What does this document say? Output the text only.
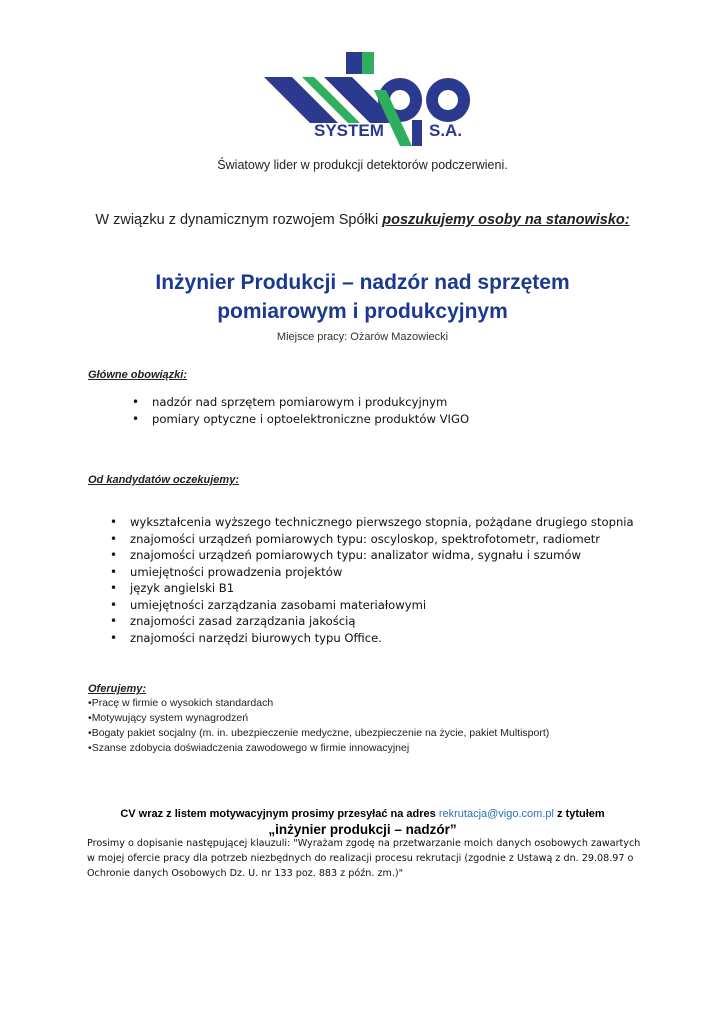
SYSTEM	S.A.
Światowy lider w produkcji detektorów podczerwieni.
W związku z dynamicznym rozwojem Spółki poszukujemy osoby na stanowisko:
Inżynier Produkcji – nadzór nad sprzętem
pomiarowym i produkcyjnym
Miejsce pracy: Ożarów Mazowiecki
Główne obowiązki:
• nadzór nad sprzętem pomiarowym i produkcyjnym
• pomiary optyczne i optoelektroniczne produktów VIGO
Od kandydatów oczekujemy:
• wykształcenia wyższego technicznego pierwszego stopnia, pożądane drugiego stopnia
• znajomości urządzeń pomiarowych typu: oscyloskop, spektrofotometr, radiometr
• znajomości urządzeń pomiarowych typu: analizator widma, sygnału i szumów
• umiejętności prowadzenia projektów
• język angielski B1
• umiejętności zarządzania zasobami materiałowymi
• znajomości zasad zarządzania jakością
• znajomości narzędzi biurowych typu Office.
Oferujemy:
• Pracę w firmie o wysokich standardach
• Motywujący system wynagrodzeń
• Bogaty pakiet socjalny (m. in. ubezpieczenie medyczne, ubezpieczenie na życie, pakiet Multisport)
• Szanse zdobycia doświadczenia zawodowego w firmie innowacyjnej
CV wraz z listem motywacyjnym prosimy przesyłać na adres rekrutacja@vigo.com.pl z tytułem
„inżynier produkcji – nadzór”
Prosimy o dopisanie następującej klauzuli: "Wyrażam zgodę na przetwarzanie moich danych osobowych zawartych w mojej ofercie pracy dla potrzeb niezbędnych do realizacji procesu rekrutacji (zgodnie z Ustawą z dn. 29.08.97 o Ochronie danych Osobowych Dz. U. nr 133 poz. 883 z późn. zm.)"
